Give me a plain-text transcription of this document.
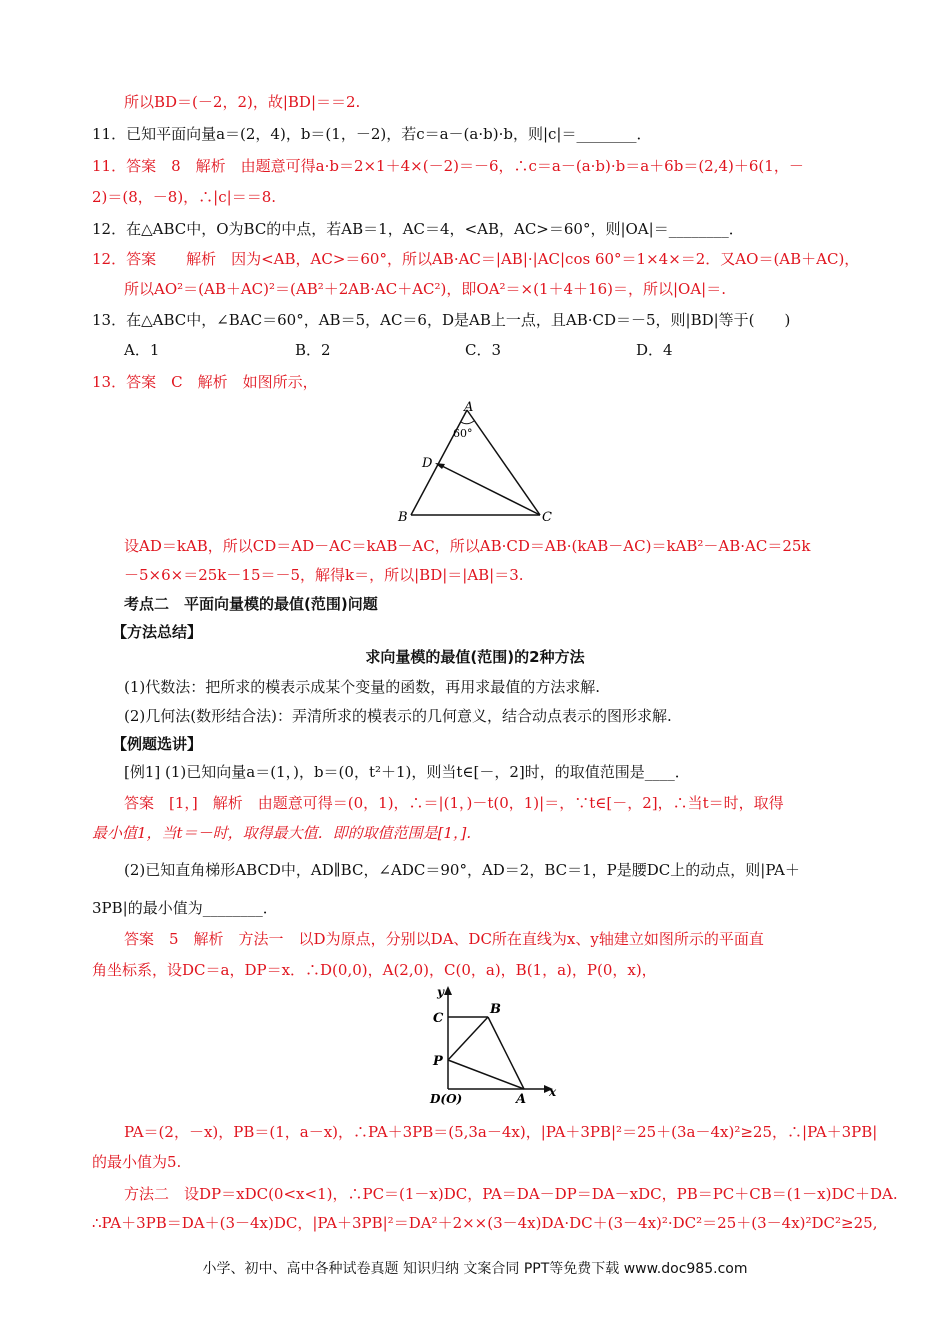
所以BD＝(－2，2)，故|BD|＝＝2.
11．已知平面向量a＝(2，4)，b＝(1，－2)，若c＝a－(a·b)·b，则|c|＝________．
11．答案　8　解析　由题意可得a·b＝2×1＋4×(－2)＝－6，∴c＝a－(a·b)·b＝a＋6b＝(2,4)＋6(1，－
2)＝(8，－8)，∴|c|＝＝8.
12．在△ABC中，O为BC的中点，若AB＝1，AC＝4，<AB，AC>＝60°，则|OA|＝________．
12．答案　　解析　因为<AB，AC>＝60°，所以AB·AC＝|AB|·|AC|cos 60°＝1×4×＝2．又AO＝(AB＋AC)，
所以AO²＝(AB＋AC)²＝(AB²＋2AB·AC＋AC²)，即OA²＝×(1＋4＋16)＝，所以|OA|＝.
13．在△ABC中，∠BAC＝60°，AB＝5，AC＝6，D是AB上一点，且AB·CD＝－5，则|BD|等于(　　)
A．1	B．2	C．3	D．4
13．答案　C　解析　如图所示，
A
60°
D
B	C
设AD＝kAB，所以CD＝AD－AC＝kAB－AC，所以AB·CD＝AB·(kAB－AC)＝kAB²－AB·AC＝25k
－5×6×＝25k－15＝－5，解得k＝，所以|BD|＝|AB|＝3.
考点二　平面向量模的最值(范围)问题
【方法总结】
求向量模的最值(范围)的2种方法
(1)代数法：把所求的模表示成某个变量的函数，再用求最值的方法求解.
(2)几何法(数形结合法)：弄清所求的模表示的几何意义，结合动点表示的图形求解.
【例题选讲】
[例1] (1)已知向量a＝(1，)，b＝(0，t²＋1)，则当t∈[－，2]时，的取值范围是____．
答案　[1，]　解析　由题意可得＝(0，1)，∴＝|(1，)－t(0，1)|＝，∵t∈[－，2]，∴当t＝时，取得
最小值1，当t＝－时，取得最大值．即的取值范围是[1，].
(2)已知直角梯形ABCD中，AD∥BC，∠ADC＝90°，AD＝2，BC＝1，P是腰DC上的动点，则|PA＋
3PB|的最小值为________．
答案　5　解析　方法一　以D为原点，分别以DA、DC所在直线为x、y轴建立如图所示的平面直
角坐标系，设DC＝a，DP＝x．∴D(0,0)，A(2,0)，C(0，a)，B(1，a)，P(0，x)，
y
B
C
P
D(O)	A x
PA＝(2，－x)，PB＝(1，a－x)，∴PA＋3PB＝(5,3a－4x)，|PA＋3PB|²＝25＋(3a－4x)²≥25，∴|PA＋3PB|
的最小值为5.
方法二　设DP＝xDC(0<x<1)，∴PC＝(1－x)DC，PA＝DA－DP＝DA－xDC，PB＝PC＋CB＝(1－x)DC＋DA.
∴PA＋3PB＝DA＋(3－4x)DC，|PA＋3PB|²＝DA²＋2××(3－4x)DA·DC＋(3－4x)²·DC²＝25＋(3－4x)²DC²≥25,
小学、初中、高中各种试卷真题 知识归纳 文案合同 PPT等免费下载 www.doc985.com
